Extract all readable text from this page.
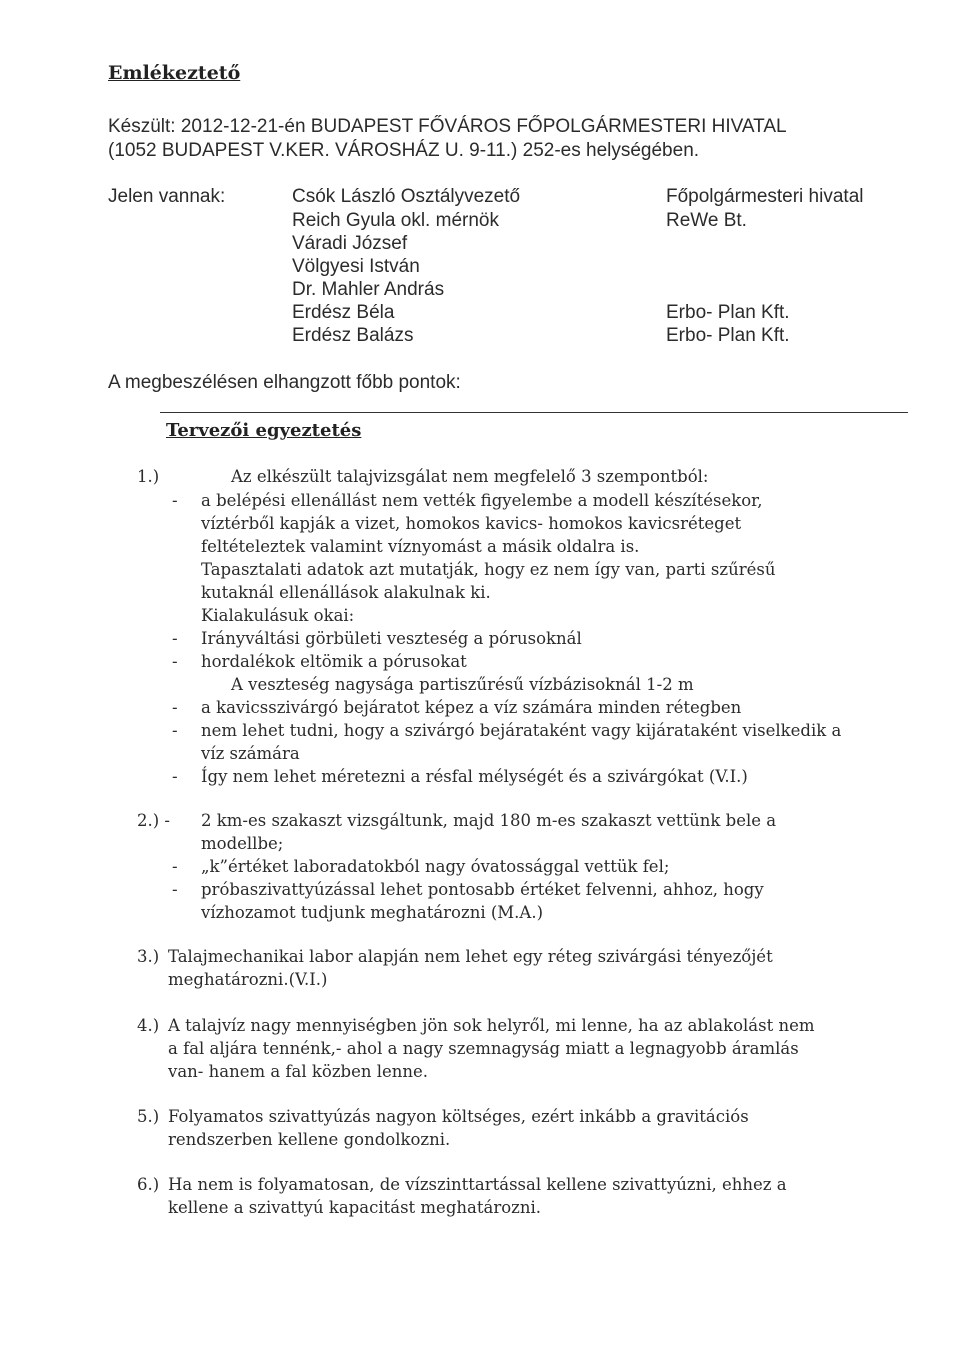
Emlékeztető
Készült: 2012-12-21-én BUDAPEST FŐVÁROS FŐPOLGÁRMESTERI HIVATAL
(1052 BUDAPEST V.KER. VÁROSHÁZ U. 9-11.) 252-es helységében.
Jelen vannak:	Csók László Osztályvezető	Főpolgármesteri hivatal
Reich Gyula okl. mérnök	ReWe Bt.
Váradi József
Völgyesi István
Dr. Mahler András
Erdész Béla	Erbo- Plan Kft.
Erdész Balázs	Erbo- Plan Kft.
A megbeszélésen elhangzott főbb pontok:
Tervezői egyeztetés
1.)	Az elkészült talajvizsgálat nem megfelelő 3 szempontból:
- a belépési ellenállást nem vették figyelembe a modell készítésekor,
víztérből kapják a vizet, homokos kavics- homokos kavicsréteget
feltételeztek valamint víznyomást a másik oldalra is.
Tapasztalati adatok azt mutatják, hogy ez nem így van, parti szűrésű
kutaknál ellenállások alakulnak ki.
Kialakulásuk okai:
- Irányváltási görbületi veszteség a pórusoknál
- hordalékok eltömik a pórusokat
A veszteség nagysága partiszűrésű vízbázisoknál 1-2 m
- a kavicsszivárgó bejáratot képez a víz számára minden rétegben
- nem lehet tudni, hogy a szivárgó bejárataként vagy kijárataként viselkedik a
víz számára
- Így nem lehet méretezni a résfal mélységét és a szivárgókat (V.I.)
2.) - 2 km-es szakaszt vizsgáltunk, majd 180 m-es szakaszt vettünk bele a
modellbe;
- „k”értéket laboradatokból nagy óvatossággal vettük fel;
- próbaszivattyúzással lehet pontosabb értéket felvenni, ahhoz, hogy
vízhozamot tudjunk meghatározni (M.A.)
3.) Talajmechanikai labor alapján nem lehet egy réteg szivárgási tényezőjét
meghatározni.(V.I.)
4.) A talajvíz nagy mennyiségben jön sok helyről, mi lenne, ha az ablakolást nem
a fal aljára tennénk,- ahol a nagy szemnagyság miatt a legnagyobb áramlás
van- hanem a fal közben lenne.
5.) Folyamatos szivattyúzás nagyon költséges, ezért inkább a gravitációs
rendszerben kellene gondolkozni.
6.) Ha nem is folyamatosan, de vízszinttartással kellene szivattyúzni, ehhez a
kellene a szivattyú kapacitást meghatározni.
